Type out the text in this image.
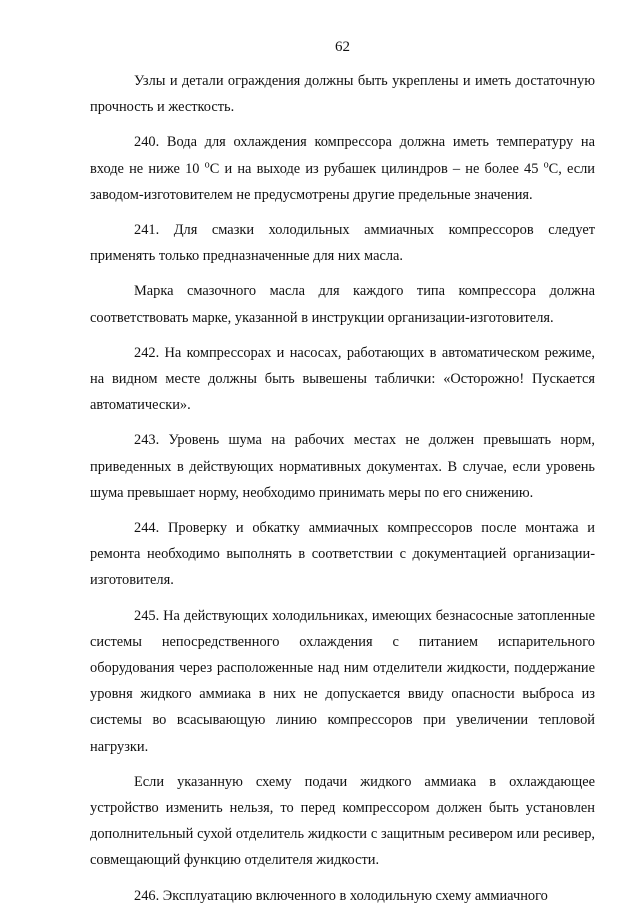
62

Узлы и детали ограждения должны быть укреплены и иметь достаточную прочность и жесткость.

240. Вода для охлаждения компрессора должна иметь температуру на входе не ниже 10 $^о$С и на выходе из рубашек цилиндров – не более 45 $^о$С, если заводом-изготовителем не предусмотрены другие предельные значения.

241. Для смазки холодильных аммиачных компрессоров следует применять только предназначенные для них масла.

Марка смазочного масла для каждого типа компрессора должна соответствовать марке, указанной в инструкции организации-изготовителя.

242. На компрессорах и насосах, работающих в автоматическом режиме, на видном месте должны быть вывешены таблички: «Осторожно! Пускается автоматически».

243. Уровень шума на рабочих местах не должен превышать норм, приведенных в действующих нормативных документах. В случае, если уровень шума превышает норму, необходимо принимать меры по его снижению.

244. Проверку и обкатку аммиачных компрессоров после монтажа и ремонта необходимо выполнять в соответствии с документацией организации-изготовителя.

245. На действующих холодильниках, имеющих безнасосные затопленные системы непосредственного охлаждения с питанием испарительного оборудования через расположенные над ним отделители жидкости, поддержание уровня жидкого аммиака в них не допускается ввиду опасности выброса из системы во всасывающую линию компрессоров при увеличении тепловой нагрузки.

Если указанную схему подачи жидкого аммиака в охлаждающее устройство изменить нельзя, то перед компрессором должен быть установлен дополнительный сухой отделитель жидкости с защитным ресивером или ресивер, совмещающий функцию отделителя жидкости.

246. Эксплуатацию включенного в холодильную схему аммиачного
